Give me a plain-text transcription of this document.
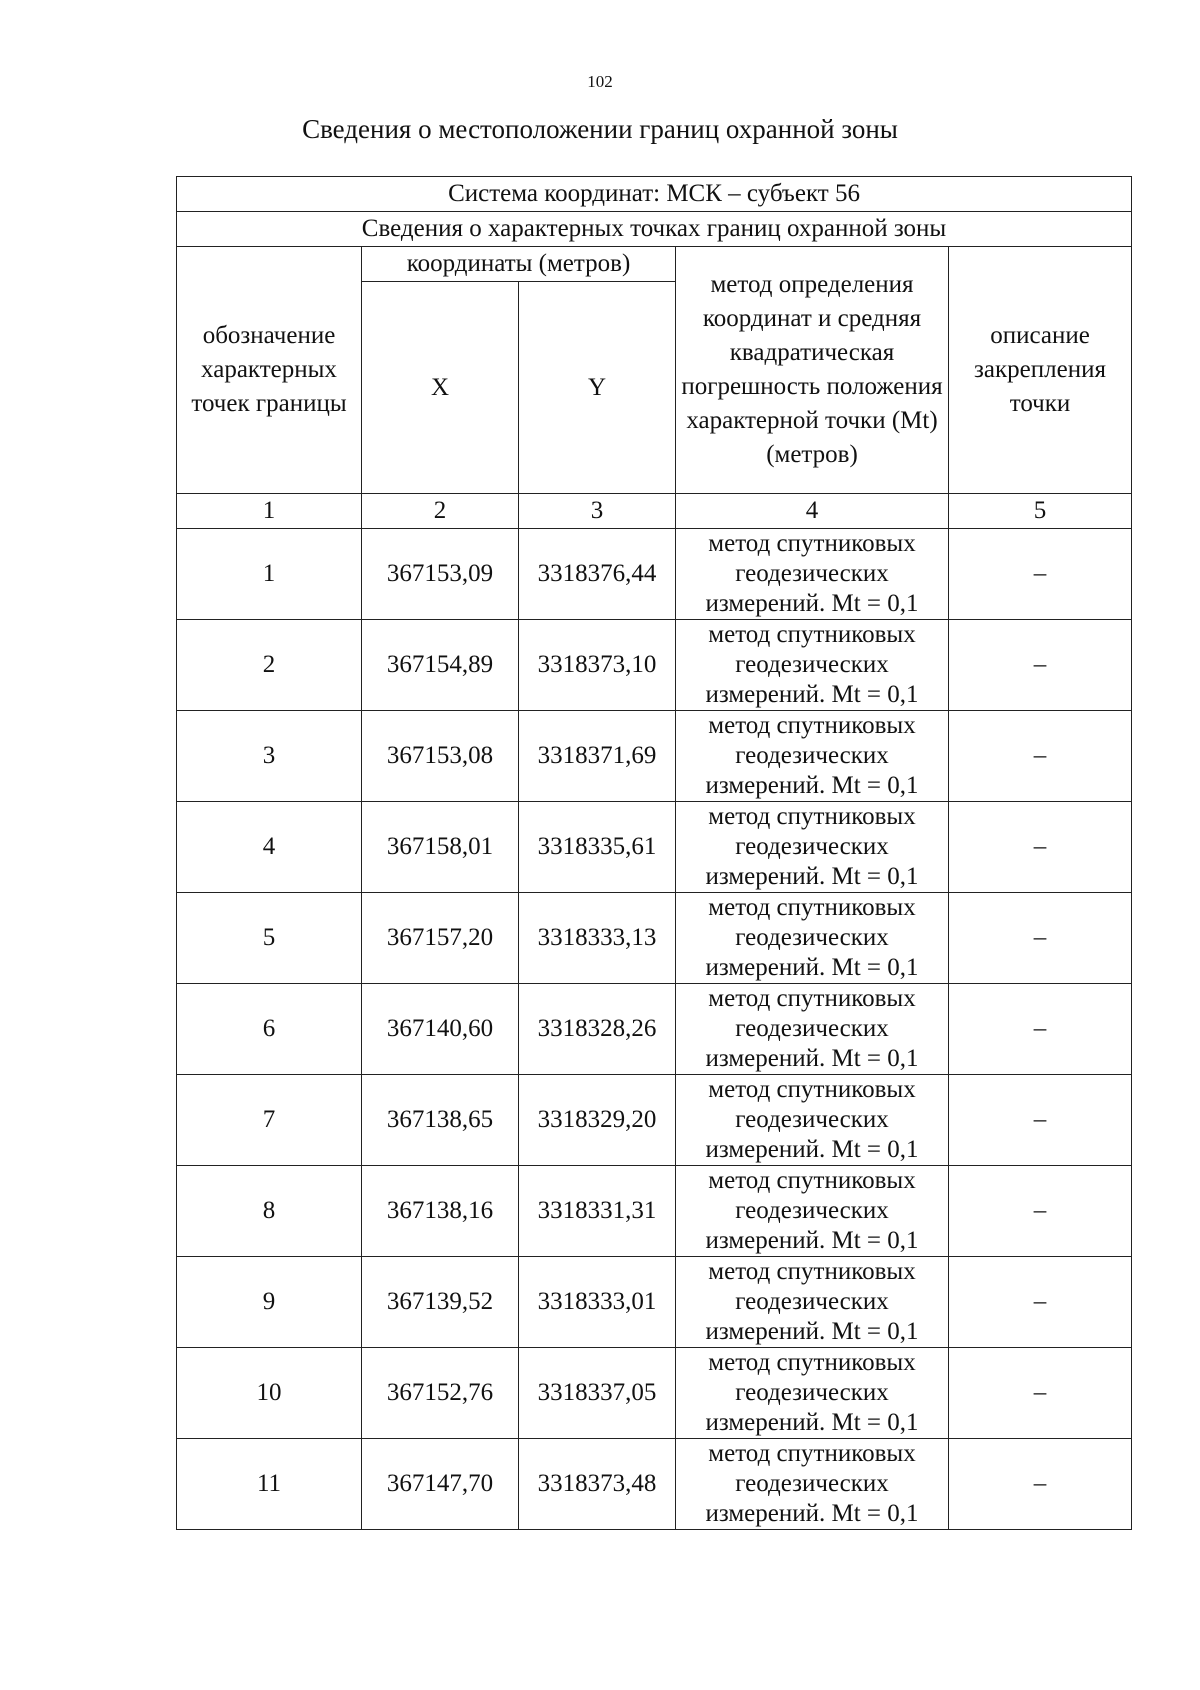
102
Сведения о местоположении границ охранной зоны
Система координат: МСК – субъект 56				
Сведения о характерных точках границ охранной зоны				
обозначение характерных точек границы	координаты (метров)		метод определения координат и средняя квадратическая погрешность положения характерной точки (Mt) (метров)	описание закрепления точки
	X	Y		
1	2	3	4	5
1	367153,09	3318376,44	метод спутниковых геодезических измерений. Mt = 0,1	–
2	367154,89	3318373,10	метод спутниковых геодезических измерений. Mt = 0,1	–
3	367153,08	3318371,69	метод спутниковых геодезических измерений. Mt = 0,1	–
4	367158,01	3318335,61	метод спутниковых геодезических измерений. Mt = 0,1	–
5	367157,20	3318333,13	метод спутниковых геодезических измерений. Mt = 0,1	–
6	367140,60	3318328,26	метод спутниковых геодезических измерений. Mt = 0,1	–
7	367138,65	3318329,20	метод спутниковых геодезических измерений. Mt = 0,1	–
8	367138,16	3318331,31	метод спутниковых геодезических измерений. Mt = 0,1	–
9	367139,52	3318333,01	метод спутниковых геодезических измерений. Mt = 0,1	–
10	367152,76	3318337,05	метод спутниковых геодезических измерений. Mt = 0,1	–
11	367147,70	3318373,48	метод спутниковых геодезических измерений. Mt = 0,1	–
